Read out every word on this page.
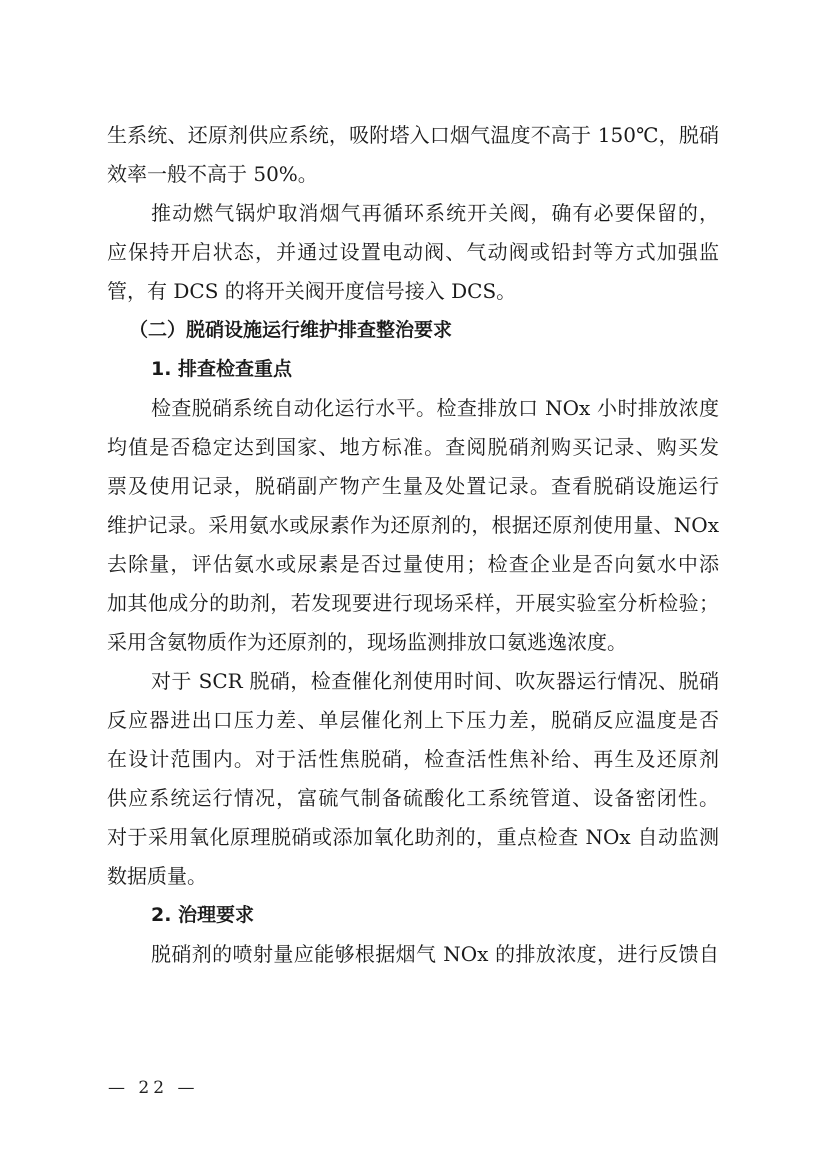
生系统、还原剂供应系统，吸附塔入口烟气温度不高于 150℃，脱硝
效率一般不高于 50%。
推动燃气锅炉取消烟气再循环系统开关阀，确有必要保留的，
应保持开启状态，并通过设置电动阀、气动阀或铅封等方式加强监
管，有 DCS 的将开关阀开度信号接入 DCS。
（二）脱硝设施运行维护排查整治要求
1. 排查检查重点
检查脱硝系统自动化运行水平。检查排放口 NOx 小时排放浓度
均值是否稳定达到国家、地方标准。查阅脱硝剂购买记录、购买发
票及使用记录，脱硝副产物产生量及处置记录。查看脱硝设施运行
维护记录。采用氨水或尿素作为还原剂的，根据还原剂使用量、NOx
去除量，评估氨水或尿素是否过量使用；检查企业是否向氨水中添
加其他成分的助剂，若发现要进行现场采样，开展实验室分析检验；
采用含氨物质作为还原剂的，现场监测排放口氨逃逸浓度。
对于 SCR 脱硝，检查催化剂使用时间、吹灰器运行情况、脱硝
反应器进出口压力差、单层催化剂上下压力差，脱硝反应温度是否
在设计范围内。对于活性焦脱硝，检查活性焦补给、再生及还原剂
供应系统运行情况，富硫气制备硫酸化工系统管道、设备密闭性。
对于采用氧化原理脱硝或添加氧化助剂的，重点检查 NOx 自动监测
数据质量。
2. 治理要求
脱硝剂的喷射量应能够根据烟气 NOx 的排放浓度，进行反馈自
— 22 —
